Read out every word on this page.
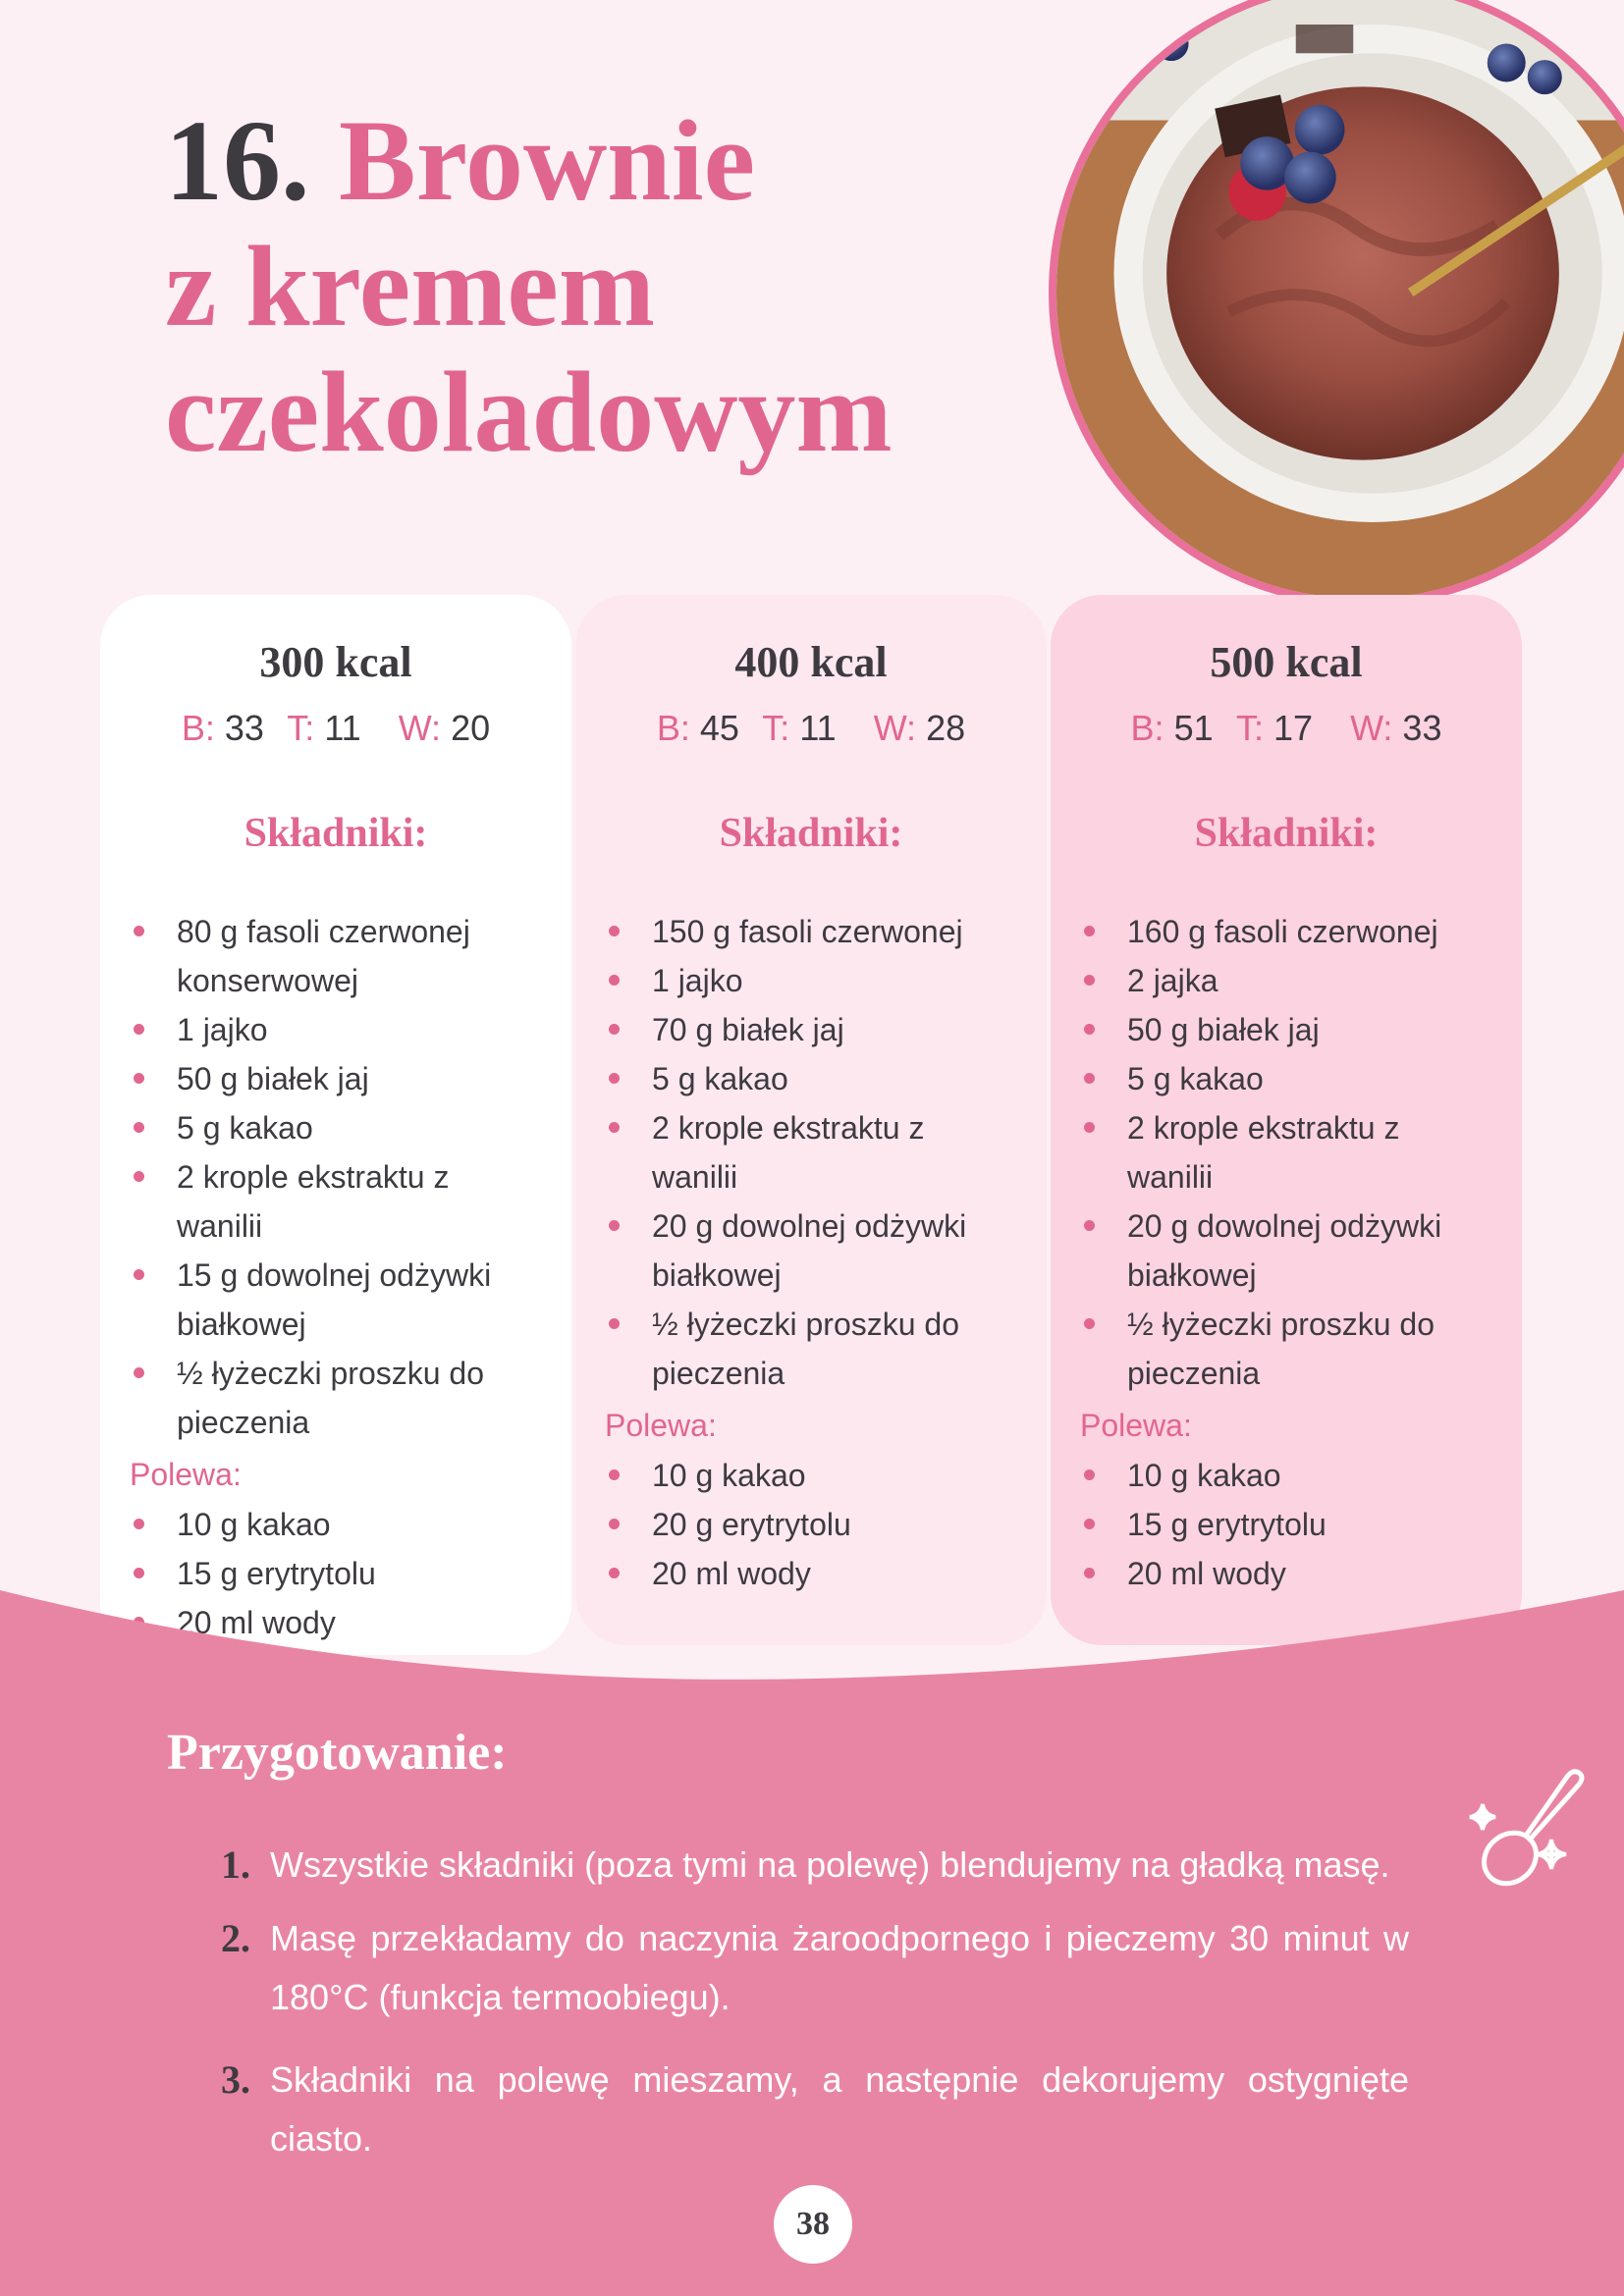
16. Brownie
z kremem
czekoladowym
300 kcal
B: 33 T: 11 W: 20
Składniki:
80 g fasoli czerwonej konserwowej
1 jajko
50 g białek jaj
5 g kakao
2 krople ekstraktu z wanilii
15 g dowolnej odżywki białkowej
½ łyżeczki proszku do pieczenia
Polewa:
10 g kakao
15 g erytrytolu
20 ml wody
400 kcal
B: 45 T: 11 W: 28
Składniki:
150 g fasoli czerwonej
1 jajko
70 g białek jaj
5 g kakao
2 krople ekstraktu z wanilii
20 g dowolnej odżywki białkowej
½ łyżeczki proszku do pieczenia
Polewa:
10 g kakao
20 g erytrytolu
20 ml wody
500 kcal
B: 51 T: 17 W: 33
Składniki:
160 g fasoli czerwonej
2 jajka
50 g białek jaj
5 g kakao
2 krople ekstraktu z wanilii
20 g dowolnej odżywki białkowej
½ łyżeczki proszku do pieczenia
Polewa:
10 g kakao
15 g erytrytolu
20 ml wody
Przygotowanie:
1. Wszystkie składniki (poza tymi na polewę) blendujemy na gładką masę.
2. Masę przekładamy do naczynia żaroodpornego i pieczemy 30 minut w 180°C (funkcja termoobiegu).
3. Składniki na polewę mieszamy, a następnie dekorujemy ostygnięte ciasto.
38
